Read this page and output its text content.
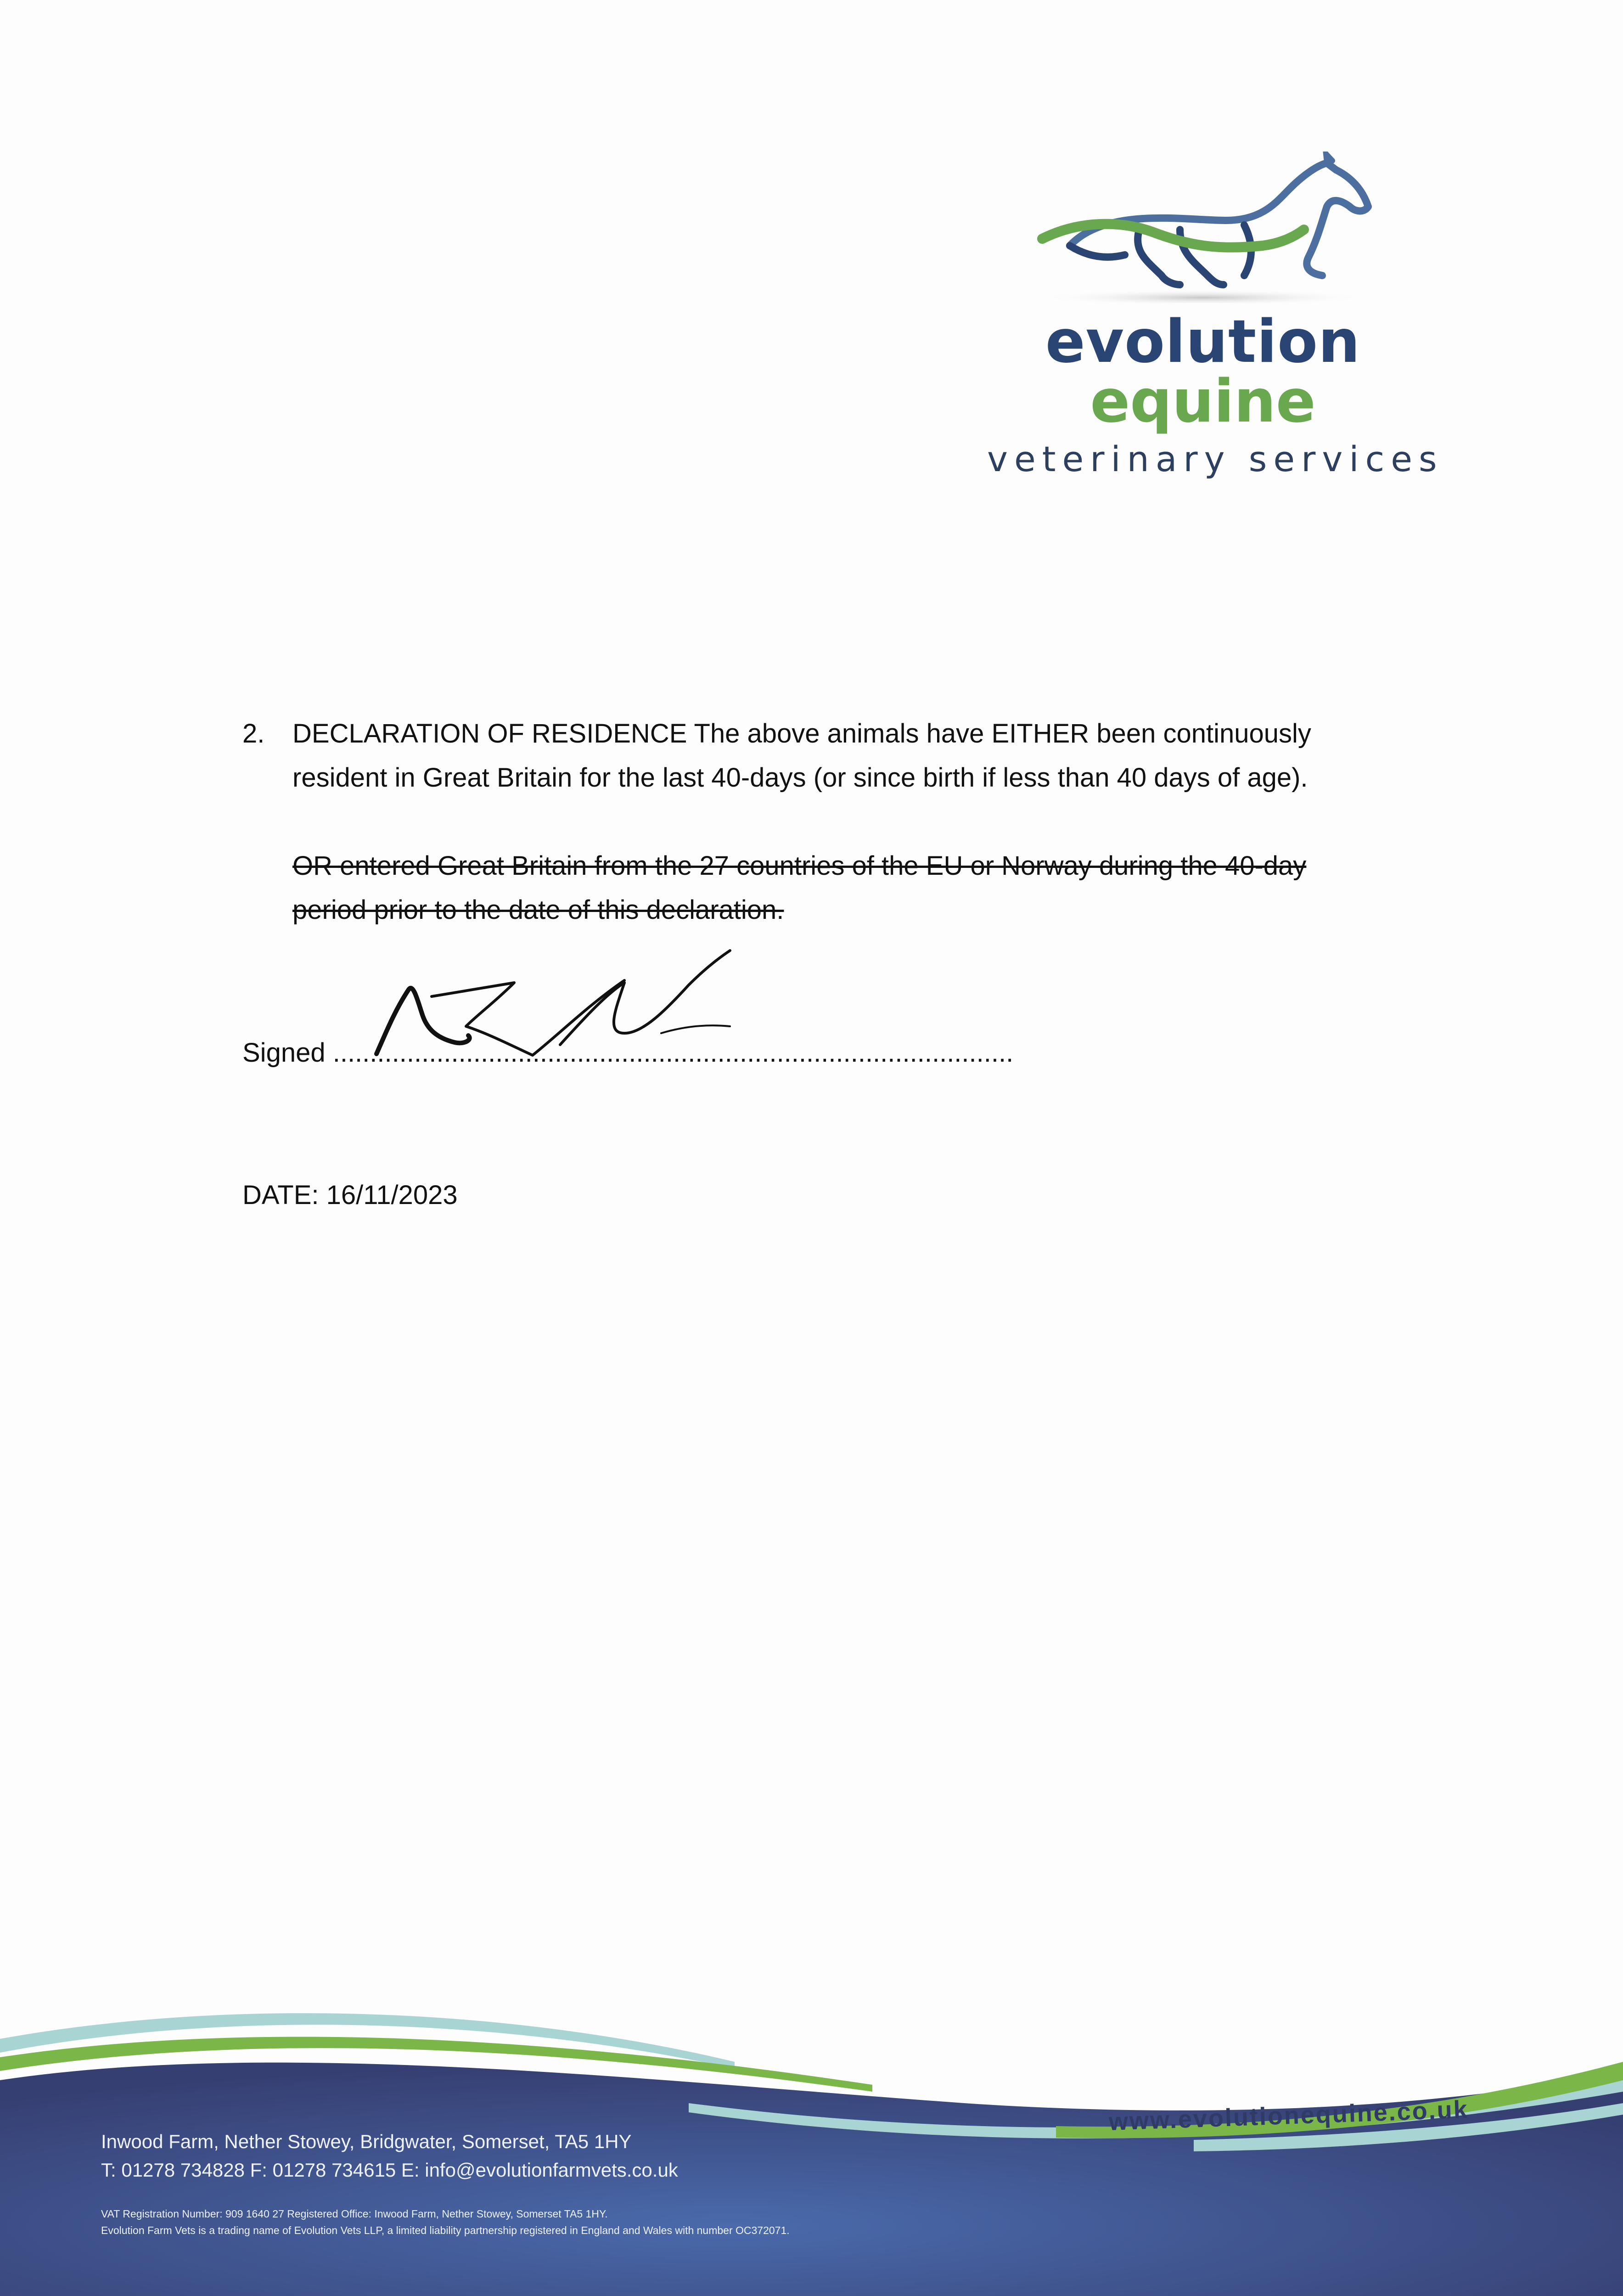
evolution
equine
veterinary services
2. DECLARATION OF RESIDENCE The above animals have EITHER been continuously
resident in Great Britain for the last 40-days (or since birth if less than 40 days of age).
OR entered Great Britain from the 27 countries of the EU or Norway during the 40-day
period prior to the date of this declaration.
Signed ............................................................................................
DATE: 16/11/2023
Inwood Farm, Nether Stowey, Bridgwater, Somerset, TA5 1HY
T: 01278 734828 F: 01278 734615 E: info@evolutionfarmvets.co.uk
VAT Registration Number: 909 1640 27 Registered Office: Inwood Farm, Nether Stowey, Somerset TA5 1HY.
Evolution Farm Vets is a trading name of Evolution Vets LLP, a limited liability partnership registered in England and Wales with number OC372071.
www.evolutionequine.co.uk
